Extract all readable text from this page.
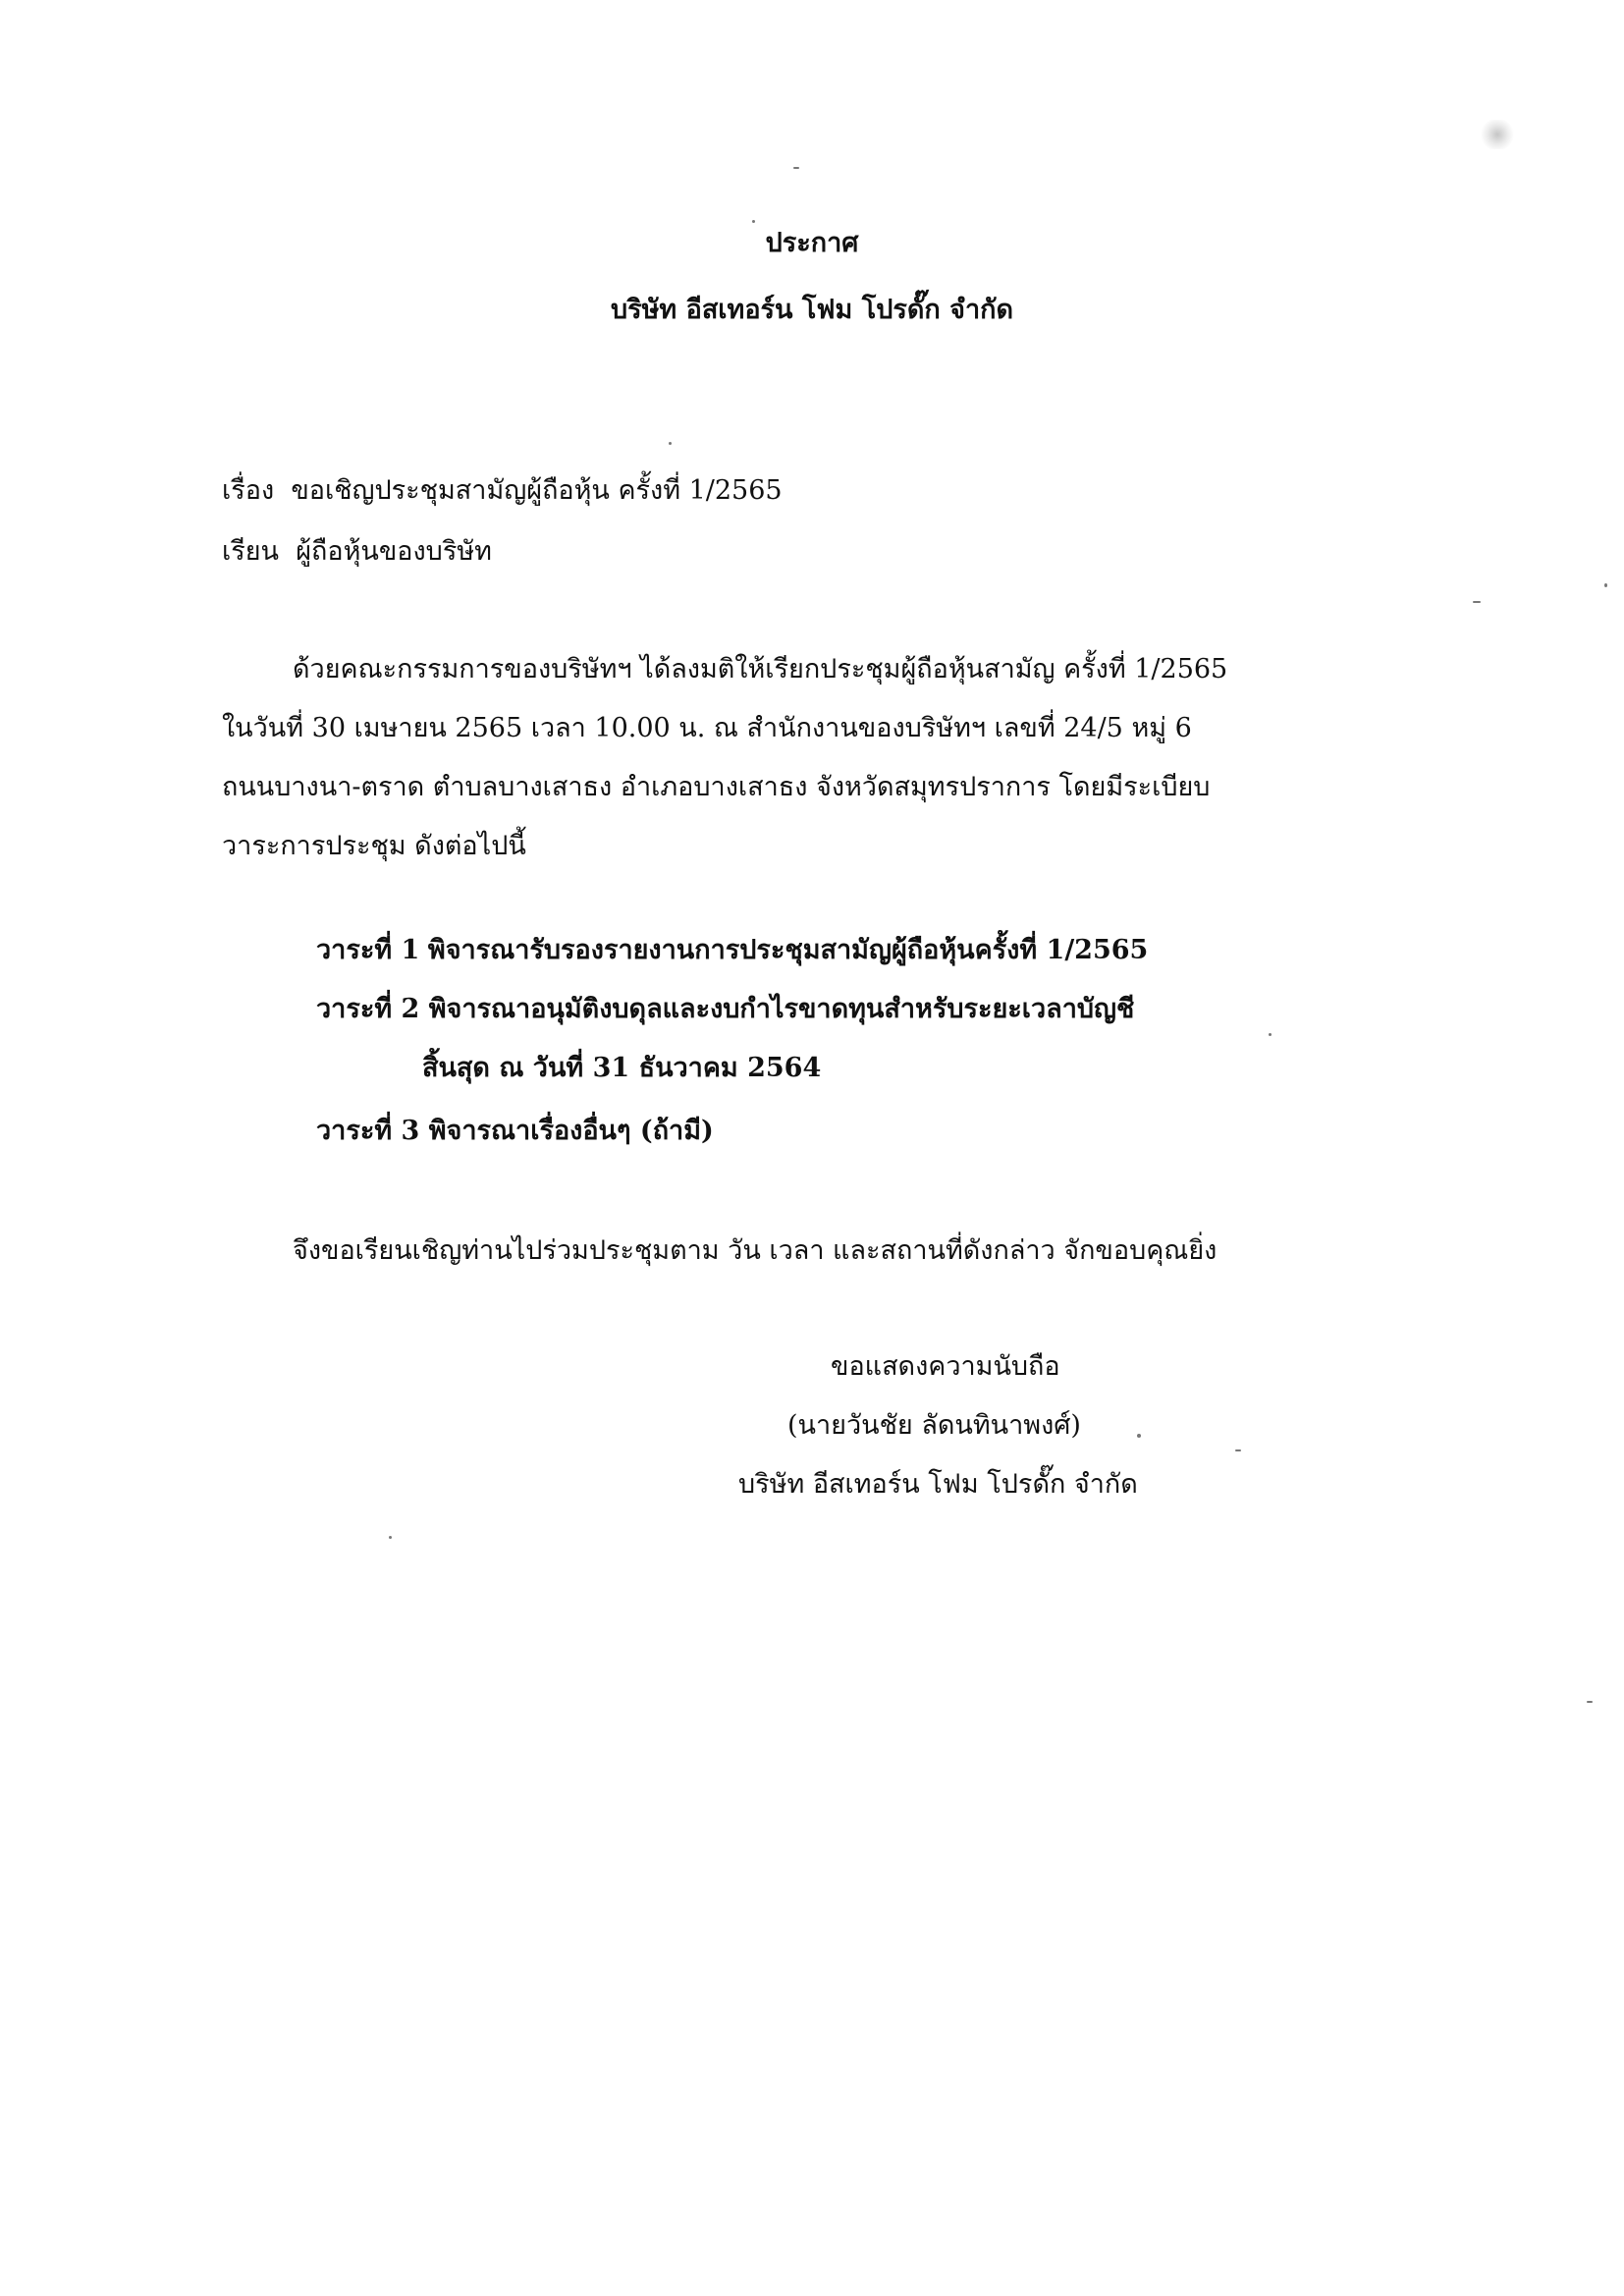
ประกาศ
บริษัท อีสเทอร์น โฟม โปรดั๊ก จำกัด
เรื่อง ขอเชิญประชุมสามัญผู้ถือหุ้น ครั้งที่ 1/2565
เรียน ผู้ถือหุ้นของบริษัท
ด้วยคณะกรรมการของบริษัทฯ ได้ลงมติให้เรียกประชุมผู้ถือหุ้นสามัญ ครั้งที่ 1/2565
ในวันที่ 30 เมษายน 2565 เวลา 10.00 น. ณ สำนักงานของบริษัทฯ เลขที่ 24/5 หมู่ 6
ถนนบางนา-ตราด ตำบลบางเสาธง อำเภอบางเสาธง จังหวัดสมุทรปราการ โดยมีระเบียบ
วาระการประชุม ดังต่อไปนี้
วาระที่ 1 พิจารณารับรองรายงานการประชุมสามัญผู้ถือหุ้นครั้งที่ 1/2565
วาระที่ 2 พิจารณาอนุมัติงบดุลและงบกำไรขาดทุนสำหรับระยะเวลาบัญชี
สิ้นสุด ณ วันที่ 31 ธันวาคม 2564
วาระที่ 3 พิจารณาเรื่องอื่นๆ (ถ้ามี)
จึงขอเรียนเชิญท่านไปร่วมประชุมตาม วัน เวลา และสถานที่ดังกล่าว จักขอบคุณยิ่ง
ขอแสดงความนับถือ
(นายวันชัย ลัดนทินาพงศ์)
บริษัท อีสเทอร์น โฟม โปรดั๊ก จำกัด
